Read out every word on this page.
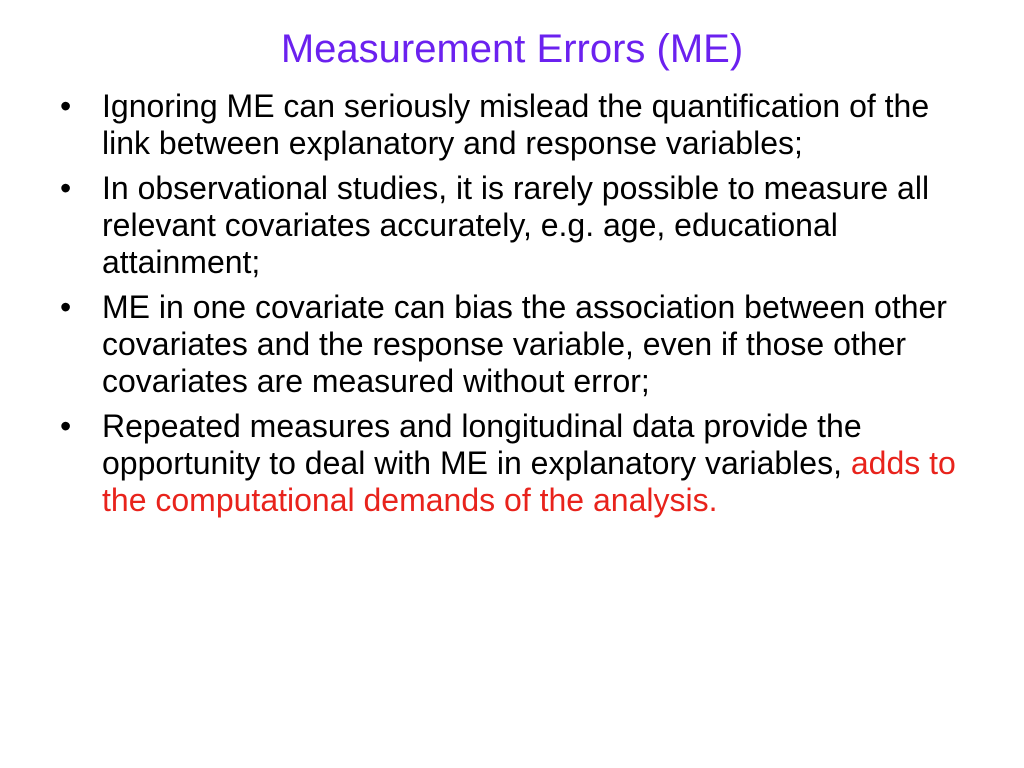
Measurement Errors (ME)
• Ignoring ME can seriously mislead the quantification of the link between explanatory and response variables;
• In observational studies, it is rarely possible to measure all relevant covariates accurately, e.g. age, educational attainment;
• ME in one covariate can bias the association between other covariates and the response variable, even if those other covariates are measured without error;
• Repeated measures and longitudinal data provide the opportunity to deal with ME in explanatory variables, adds to the computational demands of the analysis.
